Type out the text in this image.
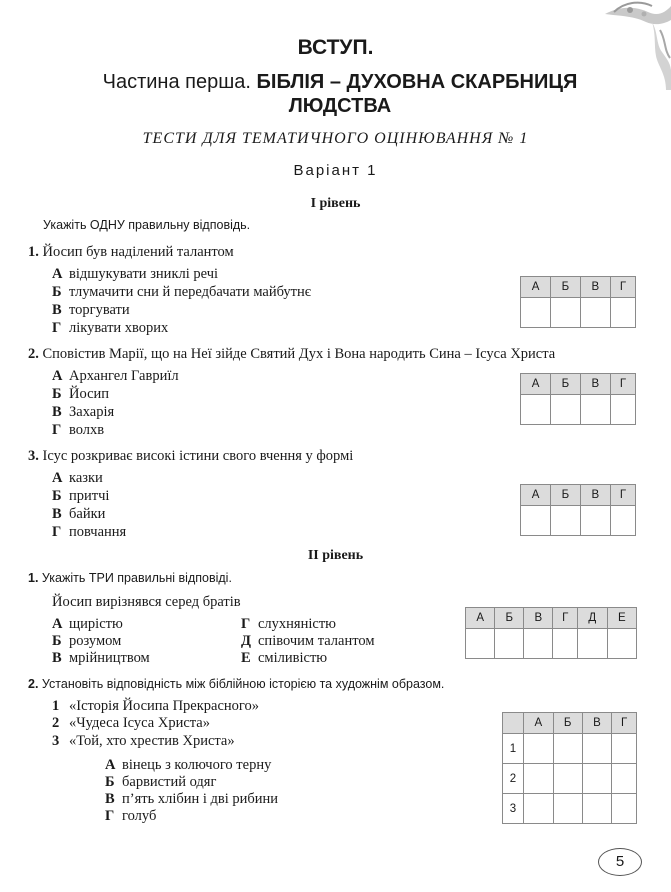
ВСТУП.
Частина перша. БІБЛІЯ – ДУХОВНА СКАРБНИЦЯ ЛЮДСТВА
ТЕСТИ ДЛЯ ТЕМАТИЧНОГО ОЦІНЮВАННЯ № 1
Варіант 1
I рівень
Укажіть ОДНУ правильну відповідь.
1. Йосип був наділений талантом
А відшукувати зниклі речі
Б тлумачити сни й передбачати майбутнє
В торгувати
Г лікувати хворих
А	Б	В	Г

2. Сповістив Марії, що на Неї зійде Святий Дух і Вона народить Сина – Ісуса Христа
А Архангел Гавриїл
Б Йосип
В Захарія
Г волхв
А	Б	В	Г

3. Ісус розкриває високі істини свого вчення у формі
А казки
Б притчі
В байки
Г повчання
А	Б	В	Г

II рівень
1. Укажіть ТРИ правильні відповіді.
Йосип вирізнявся серед братів
А щирістю
Б розумом
В мрійництвом
Г слухняністю
Д співочим талантом
Е сміливістю
А	Б	В	Г	Д	Е

2. Установіть відповідність між біблійною історією та художнім образом.
1 «Історія Йосипа Прекрасного»
2 «Чудеса Ісуса Христа»
3 «Той, хто хрестив Христа»
А вінець з колючого терну
Б барвистий одяг
В п’ять хлібин і дві рибини
Г голуб
	А	Б	В	Г
1				
2				
3				
5
